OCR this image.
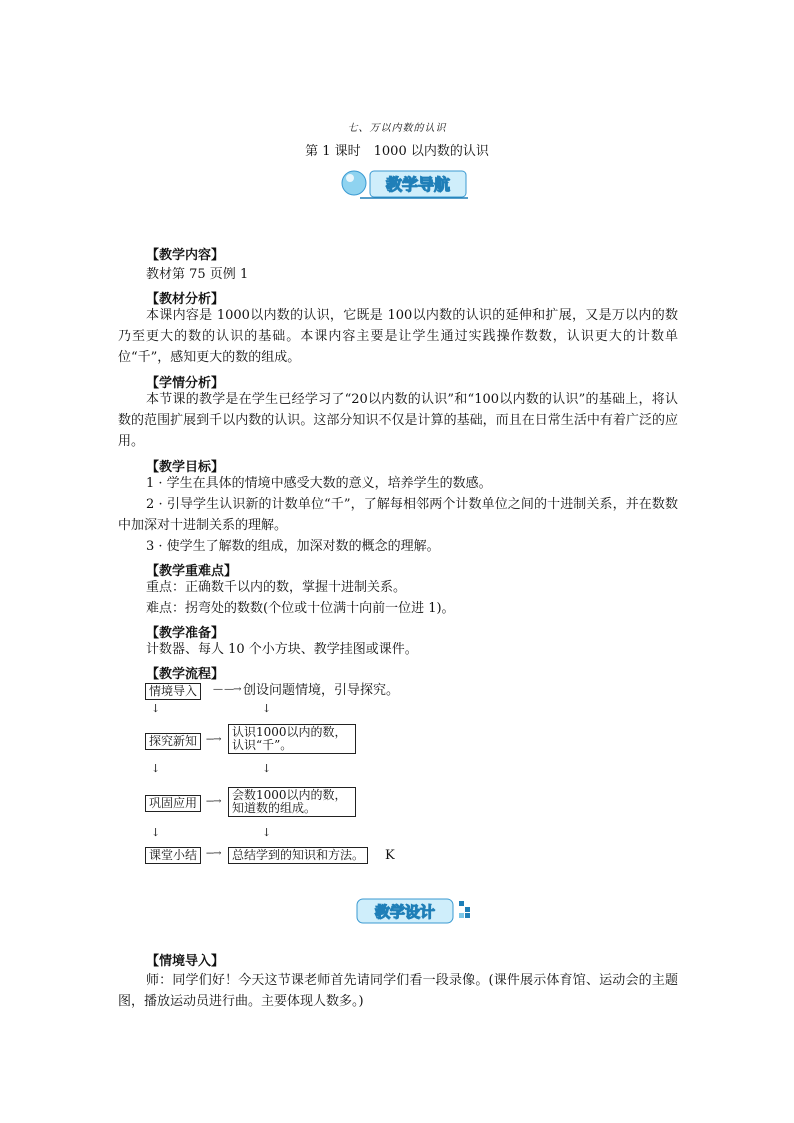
七、万以内数的认识
第 1 课时　1000 以内数的认识
教学导航
【教学内容】
教材第 75 页例 1
【教材分析】
本课内容是 1000以内数的认识，它既是 100以内数的认识的延伸和扩展，又是万以内的数乃至更大的数的认识的基础。本课内容主要是让学生通过实践操作数数，认识更大的计数单位“千”，感知更大的数的组成。
【学情分析】
本节课的教学是在学生已经学习了“20以内数的认识”和“100以内数的认识”的基础上，将认数的范围扩展到千以内数的认识。这部分知识不仅是计算的基础，而且在日常生活中有着广泛的应用。
【教学目标】
1 · 学生在具体的情境中感受大数的意义，培养学生的数感。
2 · 引导学生认识新的计数单位“千”，了解每相邻两个计数单位之间的十进制关系，并在数数中加深对十进制关系的理解。
3 · 使学生了解数的组成，加深对数的概念的理解。
【教学重难点】
重点：正确数千以内的数，掌握十进制关系。
难点：拐弯处的数数(个位或十位满十向前一位进 1)。
【教学准备】
计数器、每人 10 个小方块、教学挂图或课件。
【教学流程】
情境导入	— —→ 创设问题情境，引导探究。
↓	↓
探究新知 ---→
认识1000以内的数，
认识“千”。
↓	↓
巩固应用 ---→ 会数1000以内的数，
知道数的组成。
↓	↓
课堂小结 ---→ 总结学到的知识和方法。	K
教学设计
【情境导入】
师：同学们好！今天这节课老师首先请同学们看一段录像。(课件展示体育馆、运动会的主题图，播放运动员进行曲。主要体现人数多。)
